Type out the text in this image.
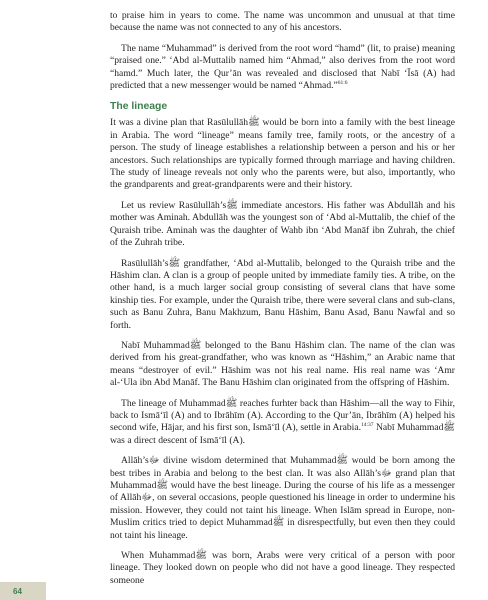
to praise him in years to come. The name was uncommon and unusual at that time because the name was not connected to any of his ancestors.

The name “Muhammad” is derived from the root word “hamd” (lit, to praise) meaning “praised one.” ‘Abd al-Muttalib named him “Ahmad,” also derives from the root word “hamd.” Much later, the Qur’ān was revealed and disclosed that Nabī ‘Īsā (A) had predicted that a new messenger would be named “Ahmad.”$^{61:6}$

The lineage

It was a divine plan that Rasūlullāhﷺ would be born into a family with the best lineage in Arabia. The word “lineage” means family tree, family roots, or the ancestry of a person. The study of lineage establishes a relationship between a person and his or her ancestors. Such relationships are typically formed through marriage and having children. The study of lineage reveals not only who the parents were, but also, importantly, who the grandparents and great-grandparents were and their history.

Let us review Rasūlullāh’sﷺ immediate ancestors. His father was Abdullāh and his mother was Aminah. Abdullāh was the youngest son of ‘Abd al-Muttalib, the chief of the Quraish tribe. Aminah was the daughter of Wahb ibn ‘Abd Manāf ibn Zuhrah, the chief of the Zuhrah tribe.

Rasūlullāh’sﷺ grandfather, ‘Abd al-Muttalib, belonged to the Quraish tribe and the Hāshim clan. A clan is a group of people united by immediate family ties. A tribe, on the other hand, is a much larger social group consisting of several clans that have some kinship ties. For example, under the Quraish tribe, there were several clans and sub-clans, such as Banu Zuhra, Banu Makhzum, Banu Hāshim, Banu Asad, Banu Nawfal and so forth.

Nabī Muhammadﷺ belonged to the Banu Hāshim clan. The name of the clan was derived from his great-grandfather, who was known as “Hāshim,” an Arabic name that means “destroyer of evil.” Hāshim was not his real name. His real name was ‘Amr al-‘Ula ibn Abd Manāf. The Banu Hāshim clan originated from the offspring of Hāshim.

The lineage of Muhammadﷺ reaches furhter back than Hāshim—all the way to Fihir, back to Ismā‘īl (A) and to Ibrāhīm (A). According to the Qur’ān, Ibrāhīm (A) helped his second wife, Hājar, and his first son, Ismā‘īl (A), settle in Arabia.$^{14:37}$ Nabī Muhammadﷺ was a direct descent of Ismā‘īl (A).

Allāh’sﷻ divine wisdom determined that Muhammadﷺ would be born among the best tribes in Arabia and belong to the best clan. It was also Allāh’sﷻ grand plan that Muhammadﷺ would have the best lineage. During the course of his life as a messenger of Allāhﷻ, on several occasions, people questioned his lineage in order to undermine his mission. However, they could not taint his lineage. When Islām spread in Europe, non-Muslim critics tried to depict Muhammadﷺ in disrespectfully, but even then they could not taint his lineage.

When Muhammadﷺ was born, Arabs were very critical of a person with poor lineage. They looked down on people who did not have a good lineage. They respected someone

64
